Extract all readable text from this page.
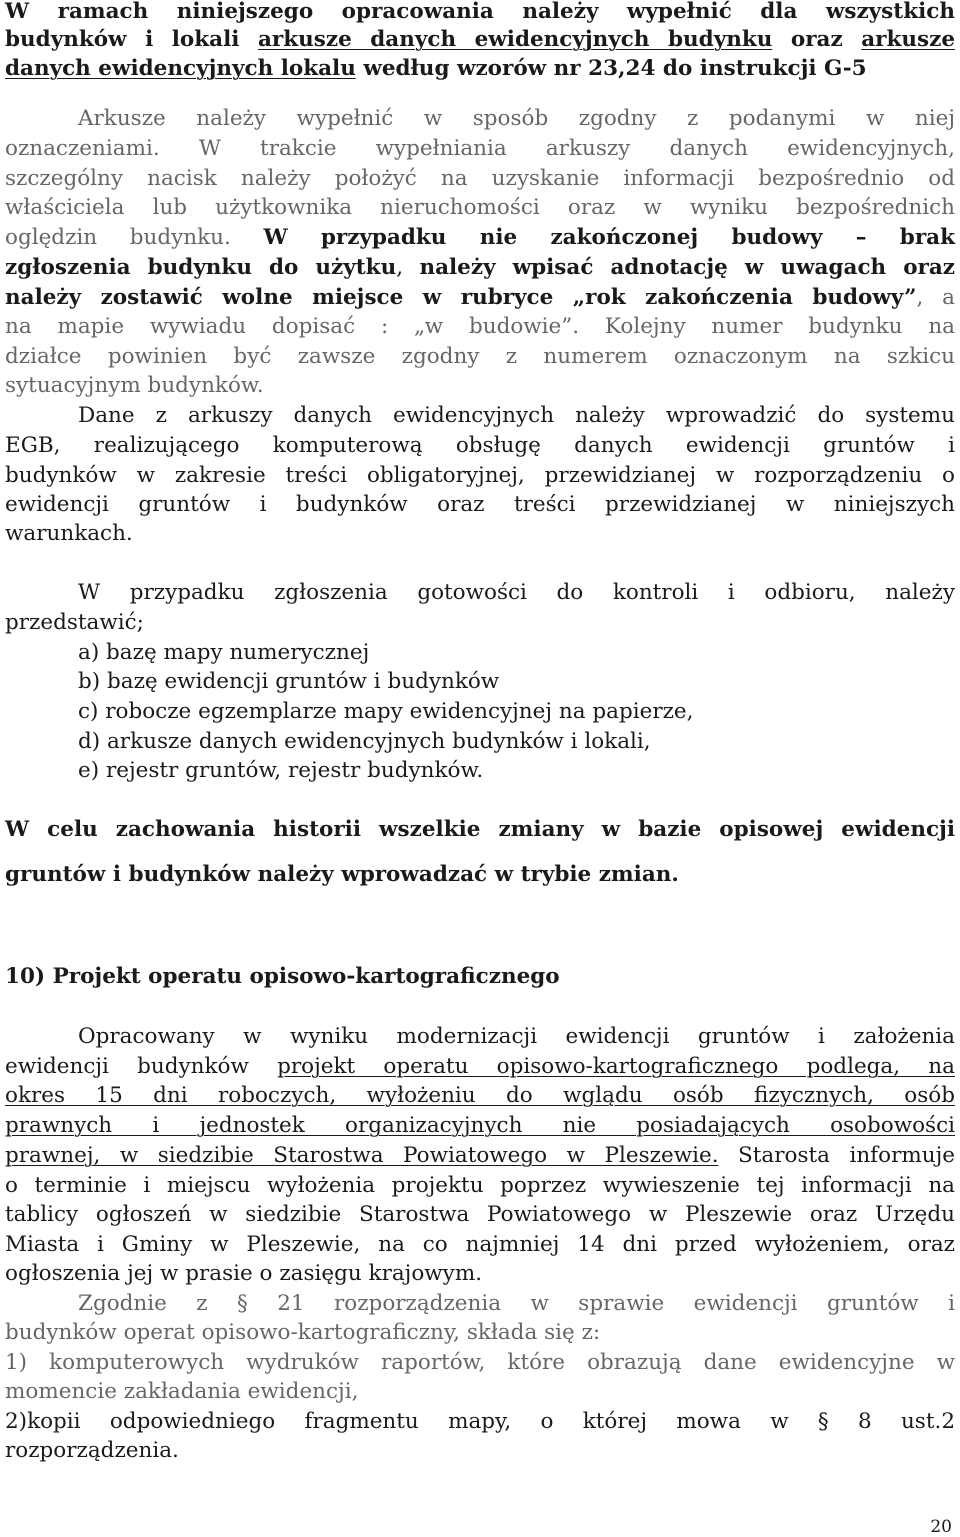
W ramach niniejszego opracowania należy wypełnić dla wszystkich
budynków i lokali arkusze danych ewidencyjnych budynku oraz arkusze
danych ewidencyjnych lokalu według wzorów nr 23,24 do instrukcji G-5
Arkusze należy wypełnić w sposób zgodny z podanymi w niej
oznaczeniami. W trakcie wypełniania arkuszy danych ewidencyjnych,
szczególny nacisk należy położyć na uzyskanie informacji bezpośrednio od
właściciela lub użytkownika nieruchomości oraz w wyniku bezpośrednich
oględzin budynku. W przypadku nie zakończonej budowy – brak
zgłoszenia budynku do użytku, należy wpisać adnotację w uwagach oraz
należy zostawić wolne miejsce w rubryce „rok zakończenia budowy”, a
na mapie wywiadu dopisać : „w budowie”. Kolejny numer budynku na
działce powinien być zawsze zgodny z numerem oznaczonym na szkicu
sytuacyjnym budynków.
Dane z arkuszy danych ewidencyjnych należy wprowadzić do systemu
EGB, realizującego komputerową obsługę danych ewidencji gruntów i
budynków w zakresie treści obligatoryjnej, przewidzianej w rozporządzeniu o
ewidencji gruntów i budynków oraz treści przewidzianej w niniejszych
warunkach.
W przypadku zgłoszenia gotowości do kontroli i odbioru, należy
przedstawić;
a) bazę mapy numerycznej
b) bazę ewidencji gruntów i budynków
c) robocze egzemplarze mapy ewidencyjnej na papierze,
d) arkusze danych ewidencyjnych budynków i lokali,
e) rejestr gruntów, rejestr budynków.
W celu zachowania historii wszelkie zmiany w bazie opisowej ewidencji
gruntów i budynków należy wprowadzać w trybie zmian.
10) Projekt operatu opisowo-kartograficznego
Opracowany w wyniku modernizacji ewidencji gruntów i założenia
ewidencji budynków projekt operatu opisowo-kartograficznego podlega, na
okres 15 dni roboczych, wyłożeniu do wglądu osób fizycznych, osób
prawnych i jednostek organizacyjnych nie posiadających osobowości
prawnej, w siedzibie Starostwa Powiatowego w Pleszewie. Starosta informuje
o terminie i miejscu wyłożenia projektu poprzez wywieszenie tej informacji na
tablicy ogłoszeń w siedzibie Starostwa Powiatowego w Pleszewie oraz Urzędu
Miasta i Gminy w Pleszewie, na co najmniej 14 dni przed wyłożeniem, oraz
ogłoszenia jej w prasie o zasięgu krajowym.
Zgodnie z § 21 rozporządzenia w sprawie ewidencji gruntów i
budynków operat opisowo-kartograficzny, składa się z:
1) komputerowych wydruków raportów, które obrazują dane ewidencyjne w
momencie zakładania ewidencji,
2)kopii odpowiedniego fragmentu mapy, o której mowa w § 8 ust.2
rozporządzenia.
20
